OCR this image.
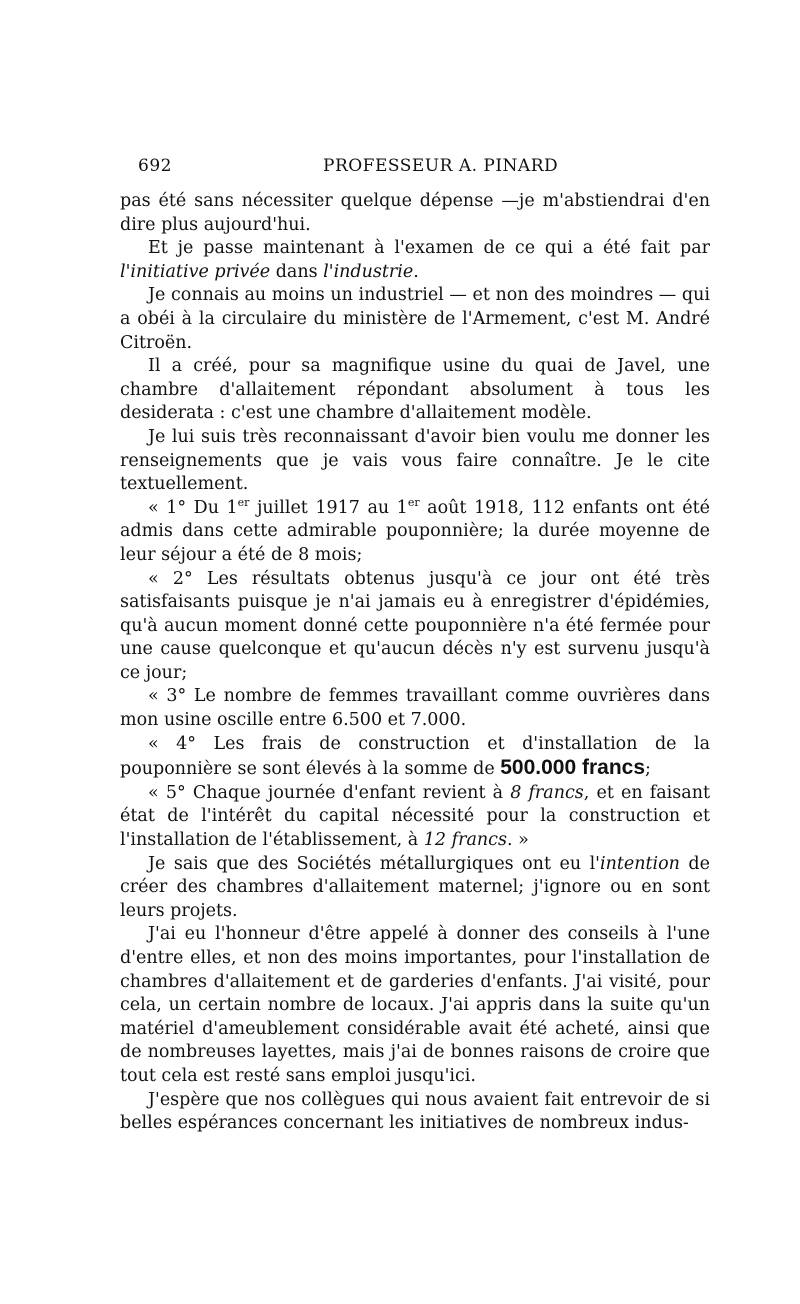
692	PROFESSEUR A. PINARD

pas été sans nécessiter quelque dépense —je m'abstiendrai d'en dire plus aujourd'hui.

Et je passe maintenant à l'examen de ce qui a été fait par l'initiative privée dans l'industrie.

Je connais au moins un industriel — et non des moindres — qui a obéi à la circulaire du ministère de l'Armement, c'est M. André Citroën.

Il a créé, pour sa magnifique usine du quai de Javel, une chambre d'allaitement répondant absolument à tous les desiderata : c'est une chambre d'allaitement modèle.

Je lui suis très reconnaissant d'avoir bien voulu me donner les renseignements que je vais vous faire connaître. Je le cite textuellement.

« 1° Du 1er juillet 1917 au 1er août 1918, 112 enfants ont été admis dans cette admirable pouponnière; la durée moyenne de leur séjour a été de 8 mois;

« 2° Les résultats obtenus jusqu'à ce jour ont été très satisfaisants puisque je n'ai jamais eu à enregistrer d'épidémies, qu'à aucun moment donné cette pouponnière n'a été fermée pour une cause quelconque et qu'aucun décès n'y est survenu jusqu'à ce jour;

« 3° Le nombre de femmes travaillant comme ouvrières dans mon usine oscille entre 6.500 et 7.000.

« 4° Les frais de construction et d'installation de la pouponnière se sont élevés à la somme de 500.000 francs;

« 5° Chaque journée d'enfant revient à 8 francs, et en faisant état de l'intérêt du capital nécessité pour la construction et l'installation de l'établissement, à 12 francs. »

Je sais que des Sociétés métallurgiques ont eu l'intention de créer des chambres d'allaitement maternel; j'ignore ou en sont leurs projets.

J'ai eu l'honneur d'être appelé à donner des conseils à l'une d'entre elles, et non des moins importantes, pour l'installation de chambres d'allaitement et de garderies d'enfants. J'ai visité, pour cela, un certain nombre de locaux. J'ai appris dans la suite qu'un matériel d'ameublement considérable avait été acheté, ainsi que de nombreuses layettes, mais j'ai de bonnes raisons de croire que tout cela est resté sans emploi jusqu'ici.

J'espère que nos collègues qui nous avaient fait entrevoir de si belles espérances concernant les initiatives de nombreux indus-
